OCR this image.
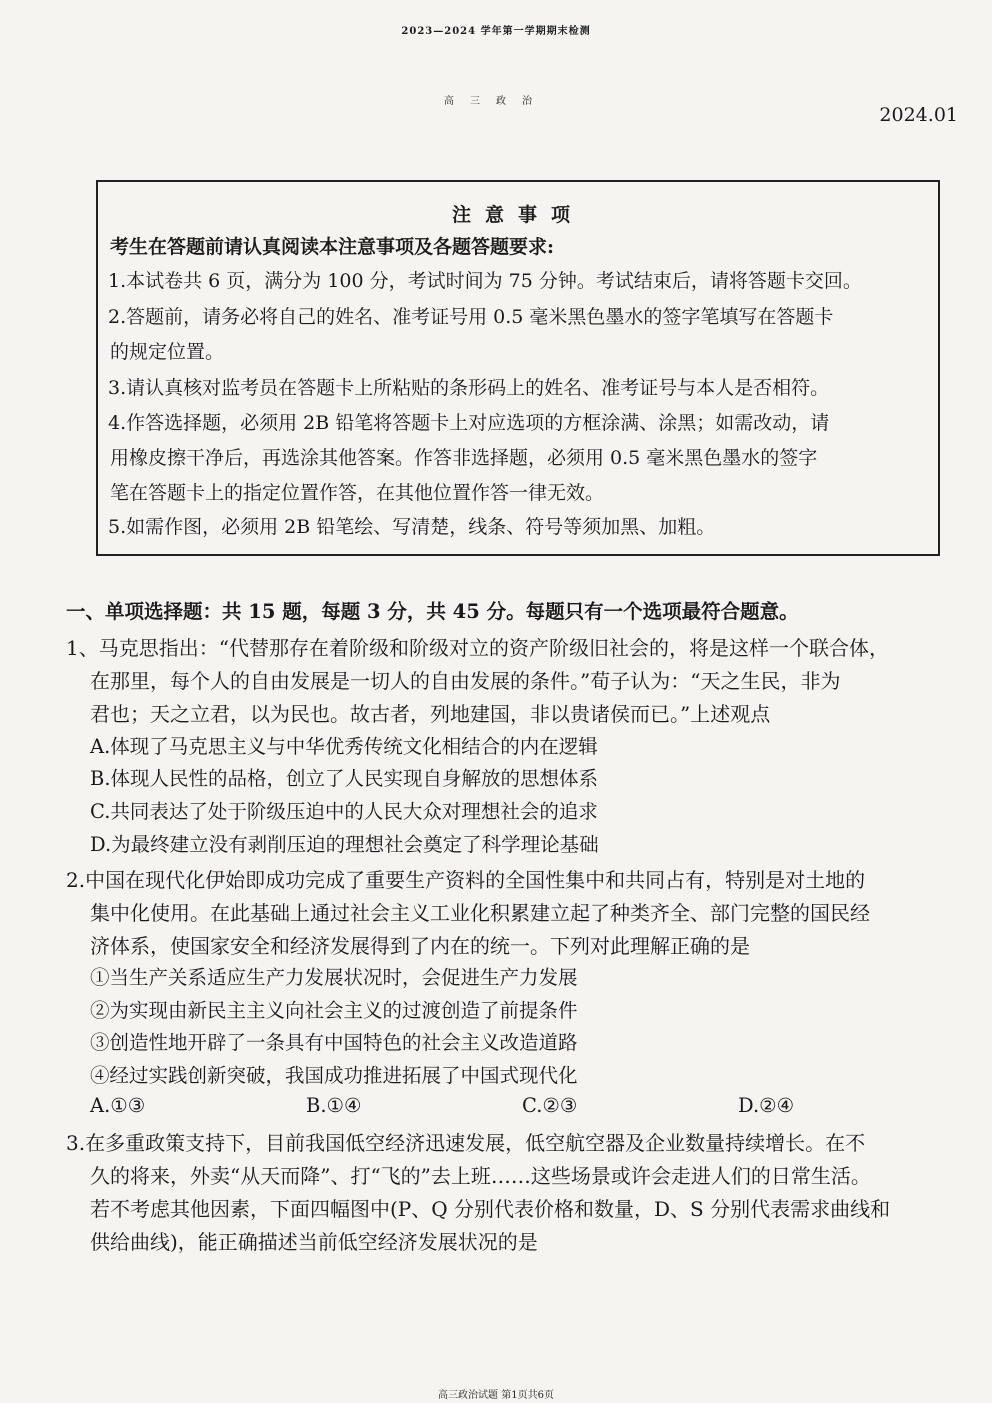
2023—2024 学年第一学期期末检测
高三政治
2024.01
注意事项
考生在答题前请认真阅读本注意事项及各题答题要求:
1.本试卷共 6 页，满分为 100 分，考试时间为 75 分钟。考试结束后，请将答题卡交回。
2.答题前，请务必将自己的姓名、准考证号用 0.5 毫米黑色墨水的签字笔填写在答题卡
的规定位置。
3.请认真核对监考员在答题卡上所粘贴的条形码上的姓名、准考证号与本人是否相符。
4.作答选择题，必须用 2B 铅笔将答题卡上对应选项的方框涂满、涂黑；如需改动，请
用橡皮擦干净后，再选涂其他答案。作答非选择题，必须用 0.5 毫米黑色墨水的签字
笔在答题卡上的指定位置作答，在其他位置作答一律无效。
5.如需作图，必须用 2B 铅笔绘、写清楚，线条、符号等须加黑、加粗。
一、单项选择题：共 15 题，每题 3 分，共 45 分。每题只有一个选项最符合题意。
1、马克思指出：“代替那存在着阶级和阶级对立的资产阶级旧社会的，将是这样一个联合体，
在那里，每个人的自由发展是一切人的自由发展的条件。”荀子认为：“天之生民，非为
君也；天之立君，以为民也。故古者，列地建国，非以贵诸侯而已。”上述观点
A.体现了马克思主义与中华优秀传统文化相结合的内在逻辑
B.体现人民性的品格，创立了人民实现自身解放的思想体系
C.共同表达了处于阶级压迫中的人民大众对理想社会的追求
D.为最终建立没有剥削压迫的理想社会奠定了科学理论基础
2.中国在现代化伊始即成功完成了重要生产资料的全国性集中和共同占有，特别是对土地的
集中化使用。在此基础上通过社会主义工业化积累建立起了种类齐全、部门完整的国民经
济体系，使国家安全和经济发展得到了内在的统一。下列对此理解正确的是
①当生产关系适应生产力发展状况时，会促进生产力发展
②为实现由新民主主义向社会主义的过渡创造了前提条件
③创造性地开辟了一条具有中国特色的社会主义改造道路
④经过实践创新突破，我国成功推进拓展了中国式现代化
A.①③	B.①④	C.②③	D.②④
3.在多重政策支持下，目前我国低空经济迅速发展，低空航空器及企业数量持续增长。在不
久的将来，外卖“从天而降”、打“飞的”去上班……这些场景或许会走进人们的日常生活。
若不考虑其他因素，下面四幅图中(P、Q 分别代表价格和数量，D、S 分别代表需求曲线和
供给曲线)，能正确描述当前低空经济发展状况的是
高三政治试题 第1页共6页
